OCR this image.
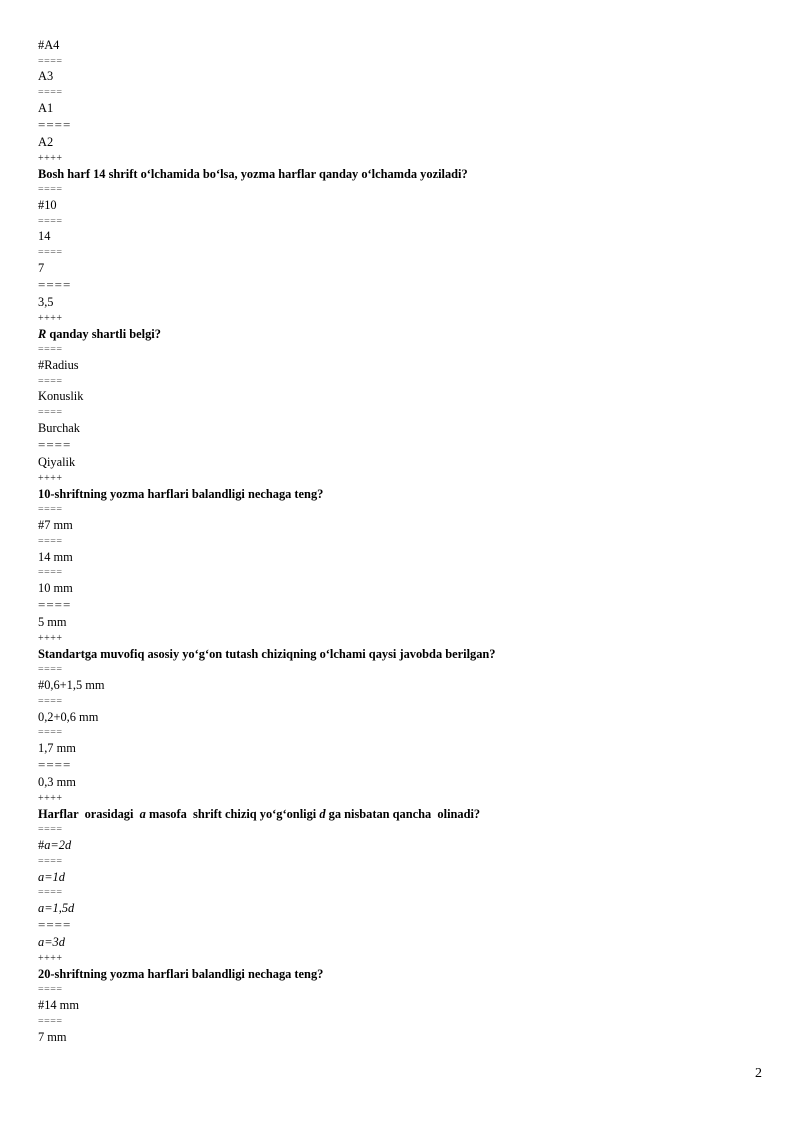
#A4
====
A3
====
A1
====
A2
++++
Bosh harf 14 shrift o‘lchamida bo‘lsa, yozma harflar qanday o‘lchamda yoziladi?
====
#10
====
14
====
7
====
3,5
++++
R qanday shartli belgi?
====
#Radius
====
Konuslik
====
Burchak
====
Qiyalik
++++
10-shriftning yozma harflari balandligi nechaga teng?
====
#7 mm
====
14 mm
====
10 mm
====
5 mm
++++
Standartga muvofiq asosiy yo‘g‘on tutash chiziqning o‘lchami qaysi javobda berilgan?
====
#0,6+1,5 mm
====
0,2+0,6 mm
====
1,7 mm
====
0,3 mm
++++
Harflar  orasidagi  a masofa  shrift chiziq yo‘g‘onligi d ga nisbatan qancha  olinadi?
====
#a=2d
====
a=1d
====
a=1,5d
====
a=3d
++++
20-shriftning yozma harflari balandligi nechaga teng?
====
#14 mm
====
7 mm
2
